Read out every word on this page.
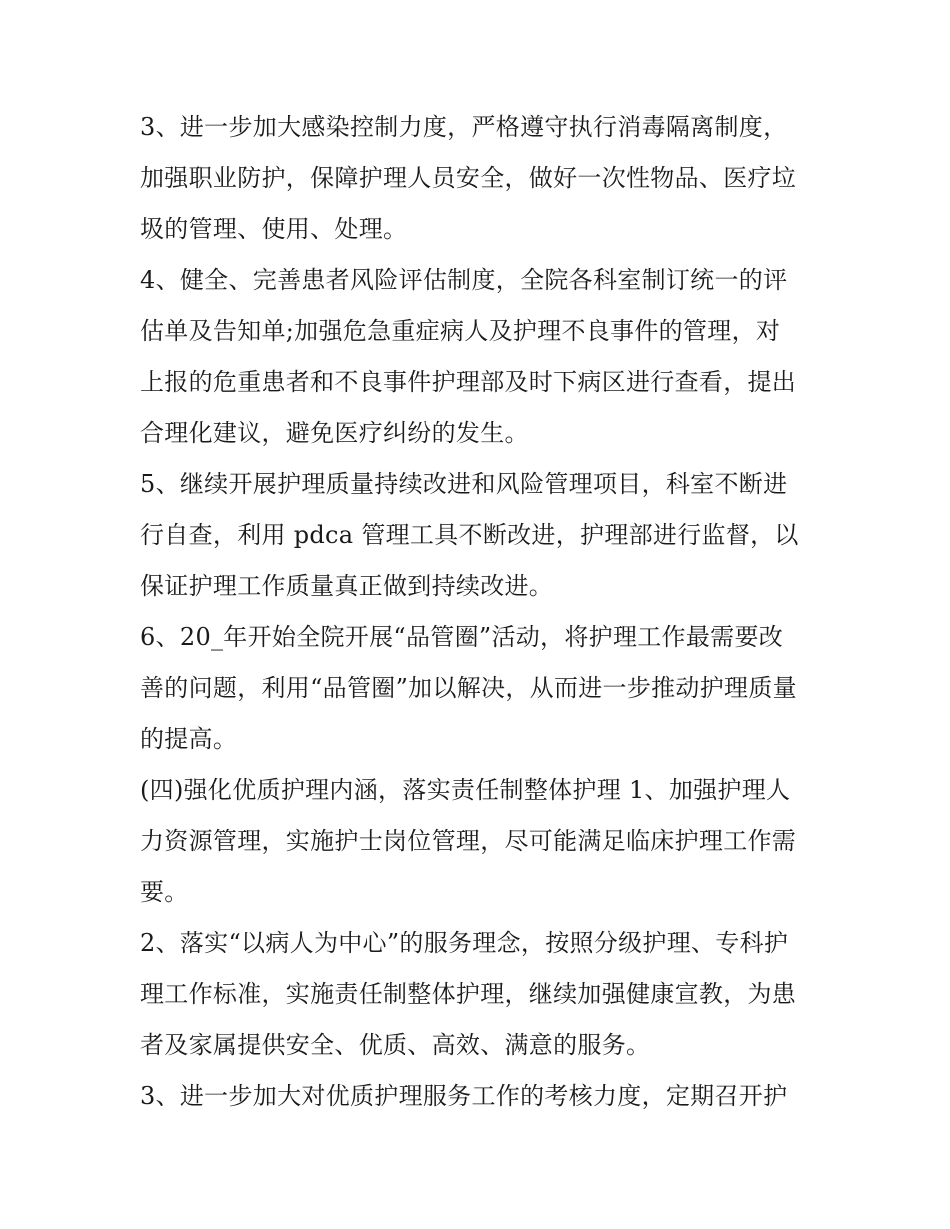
3、进一步加大感染控制力度，严格遵守执行消毒隔离制度，
加强职业防护，保障护理人员安全，做好一次性物品、医疗垃
圾的管理、使用、处理。
4、健全、完善患者风险评估制度，全院各科室制订统一的评
估单及告知单;加强危急重症病人及护理不良事件的管理，对
上报的危重患者和不良事件护理部及时下病区进行查看，提出
合理化建议，避免医疗纠纷的发生。
5、继续开展护理质量持续改进和风险管理项目，科室不断进
行自查，利用 pdca 管理工具不断改进，护理部进行监督，以
保证护理工作质量真正做到持续改进。
6、20_年开始全院开展“品管圈”活动，将护理工作最需要改
善的问题，利用“品管圈”加以解决，从而进一步推动护理质量
的提高。
(四)强化优质护理内涵，落实责任制整体护理 1、加强护理人
力资源管理，实施护士岗位管理，尽可能满足临床护理工作需
要。
2、落实“以病人为中心”的服务理念，按照分级护理、专科护
理工作标准，实施责任制整体护理，继续加强健康宣教，为患
者及家属提供安全、优质、高效、满意的服务。
3、进一步加大对优质护理服务工作的考核力度，定期召开护
